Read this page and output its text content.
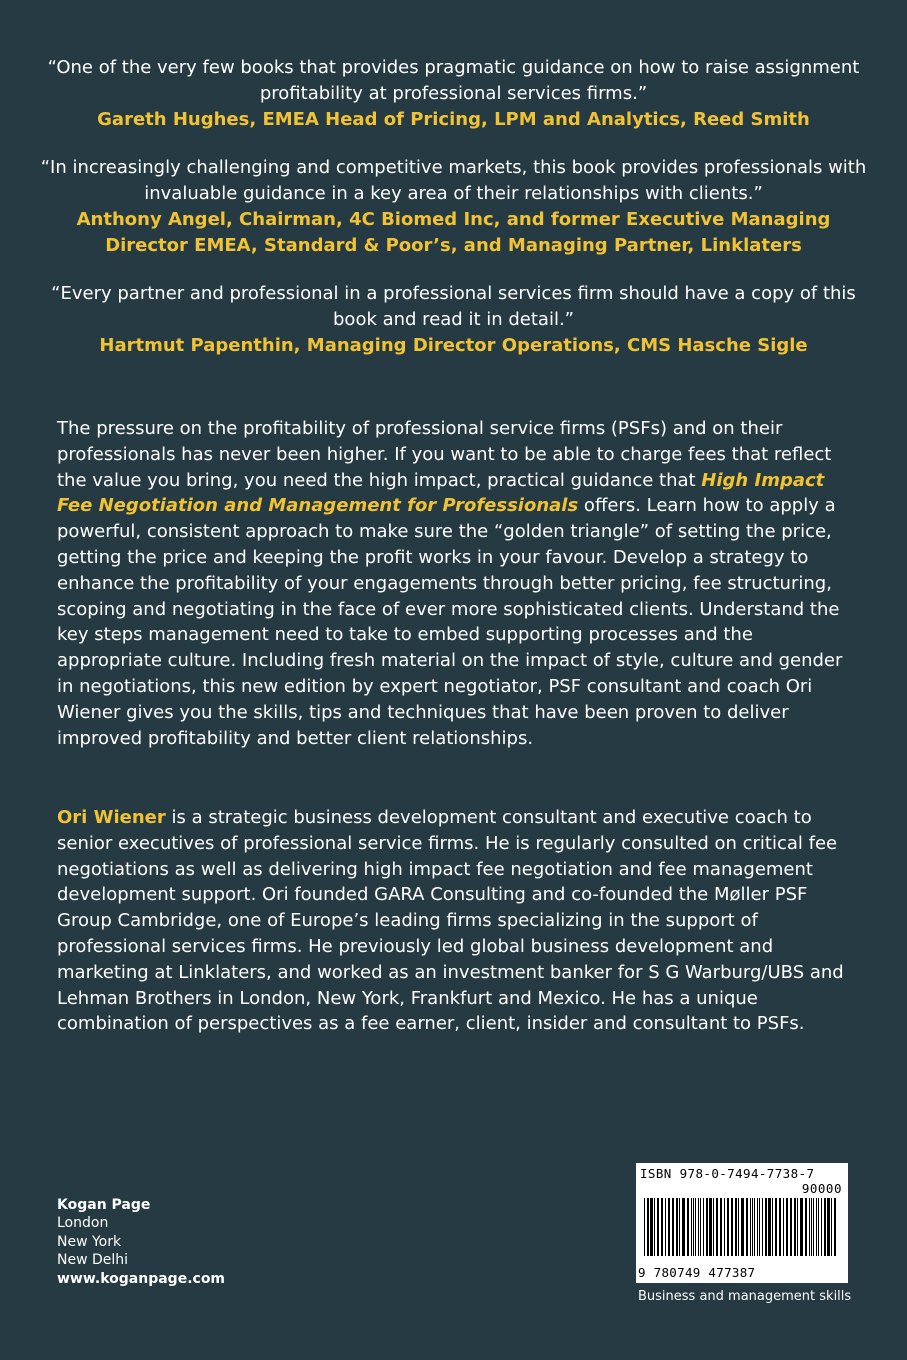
“One of the very few books that provides pragmatic guidance on how to raise assignment profitability at professional services firms.”

Gareth Hughes, EMEA Head of Pricing, LPM and Analytics, Reed Smith

“In increasingly challenging and competitive markets, this book provides professionals with invaluable guidance in a key area of their relationships with clients.”

Anthony Angel, Chairman, 4C Biomed Inc, and former Executive Managing Director EMEA, Standard & Poor’s, and Managing Partner, Linklaters

“Every partner and professional in a professional services firm should have a copy of this book and read it in detail.”

Hartmut Papenthin, Managing Director Operations, CMS Hasche Sigle

The pressure on the profitability of professional service firms (PSFs) and on their professionals has never been higher. If you want to be able to charge fees that reflect the value you bring, you need the high impact, practical guidance that High Impact Fee Negotiation and Management for Professionals offers. Learn how to apply a powerful, consistent approach to make sure the “golden triangle” of setting the price, getting the price and keeping the profit works in your favour. Develop a strategy to enhance the profitability of your engagements through better pricing, fee structuring, scoping and negotiating in the face of ever more sophisticated clients. Understand the key steps management need to take to embed supporting processes and the appropriate culture. Including fresh material on the impact of style, culture and gender in negotiations, this new edition by expert negotiator, PSF consultant and coach Ori Wiener gives you the skills, tips and techniques that have been proven to deliver improved profitability and better client relationships.

Ori Wiener is a strategic business development consultant and executive coach to senior executives of professional service firms. He is regularly consulted on critical fee negotiations as well as delivering high impact fee negotiation and fee management development support. Ori founded GARA Consulting and co-founded the Møller PSF Group Cambridge, one of Europe’s leading firms specializing in the support of professional services firms. He previously led global business development and marketing at Linklaters, and worked as an investment banker for S G Warburg/UBS and Lehman Brothers in London, New York, Frankfurt and Mexico. He has a unique combination of perspectives as a fee earner, client, insider and consultant to PSFs.

Kogan Page
London
New York
New Delhi
www.koganpage.com
ISBN 978-0-7494-7738-7
90000
9 780749 477387
Business and management skills
